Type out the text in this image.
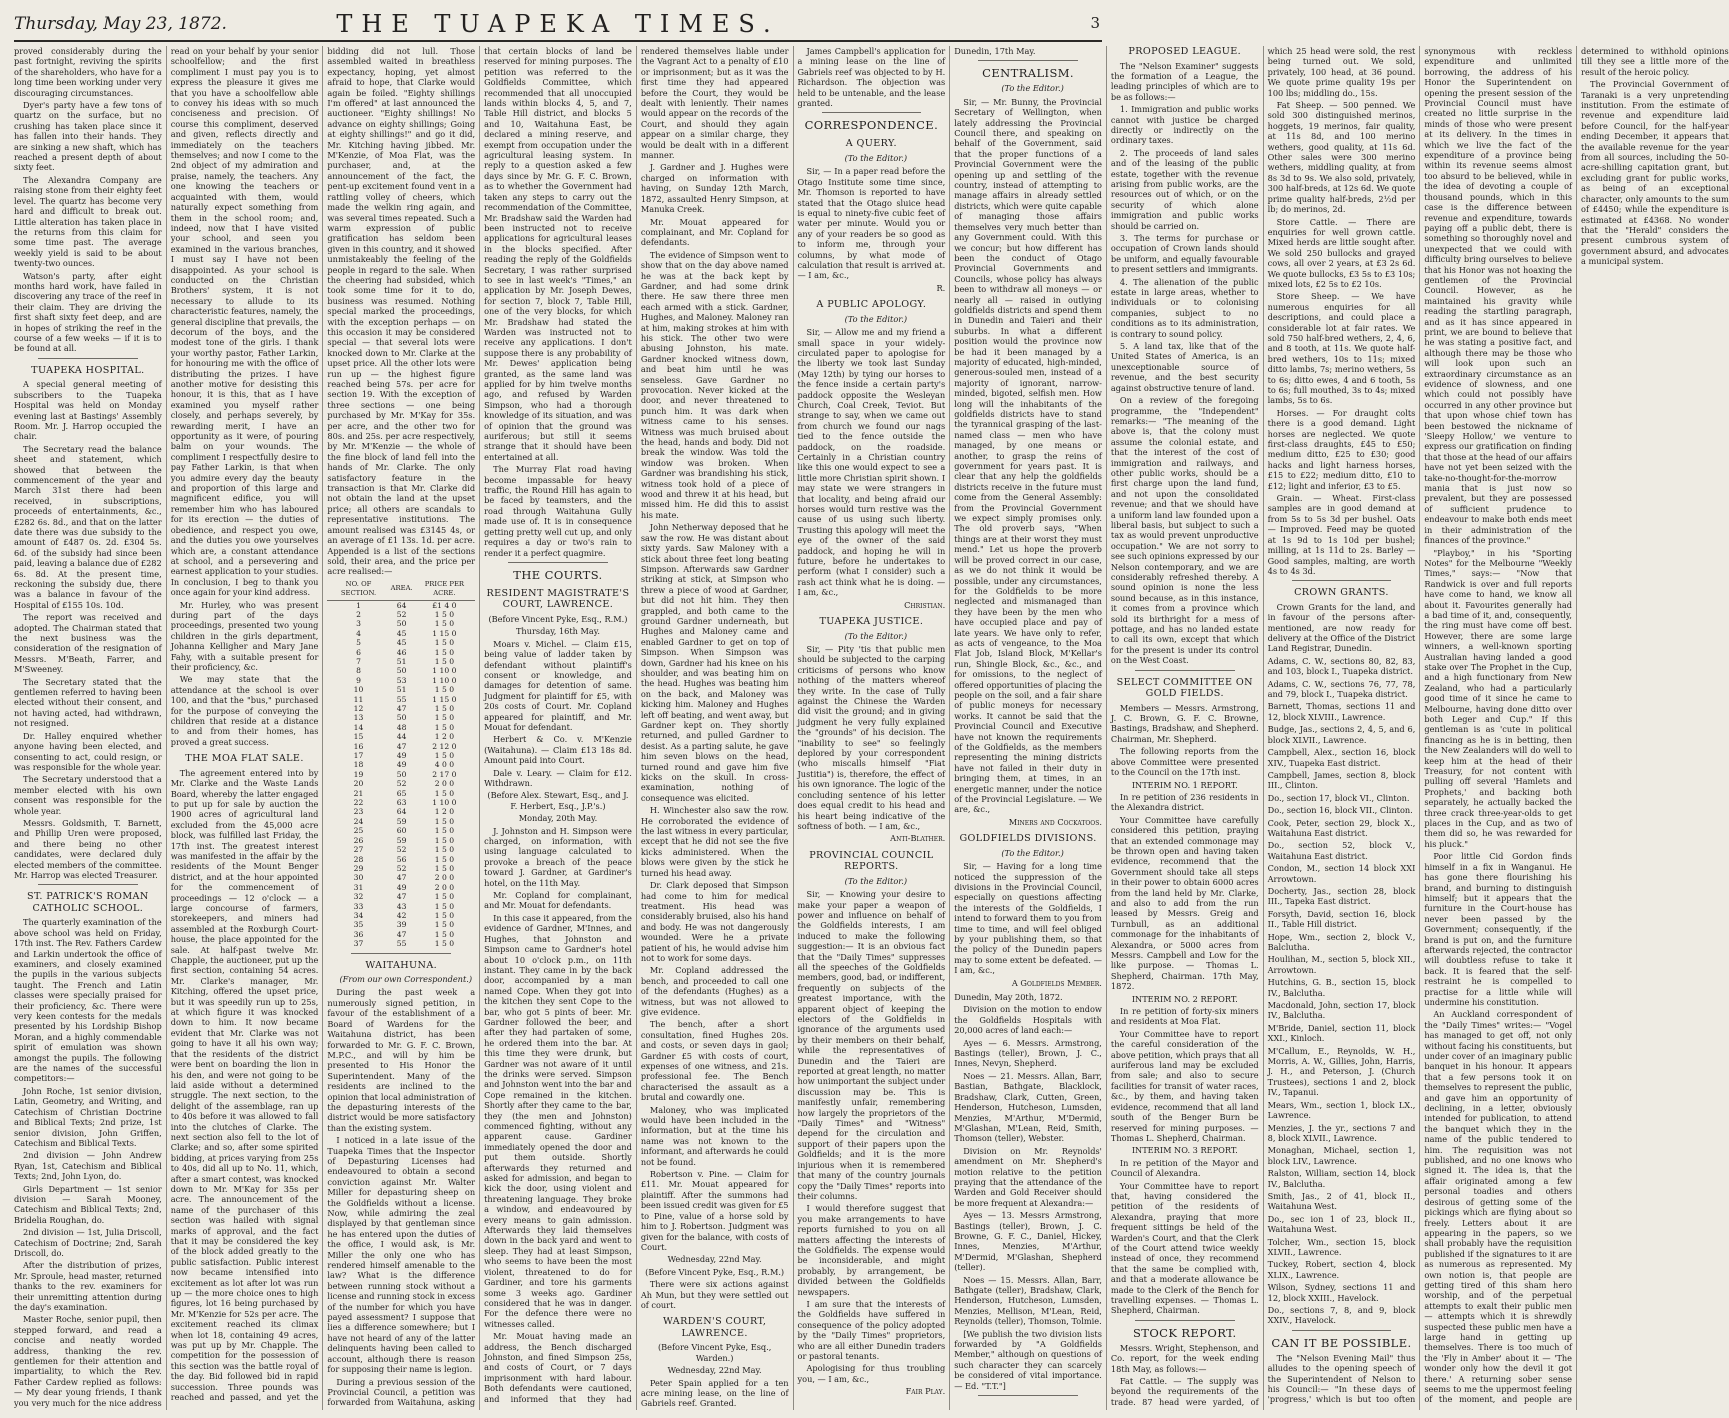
Thursday, May 23, 1872.	THE TUAPEKA TIMES.	3

proved considerably during the past fortnight, reviving the spirits of the shareholders, who have for a long time been working under very discouraging circumstances.

Dyer's party have a few tons of quartz on the surface, but no crushing has taken place since it has fallen into their hands. They are sinking a new shaft, which has reached a present depth of about sixty feet.

The Alexandra Company are raising stone from their eighty feet level. The quartz has become very hard and difficult to break out. Little alteration has taken place in the returns from this claim for some time past. The average weekly yield is said to be about twenty-two ounces.

Watson's party, after eight months hard work, have failed in discovering any trace of the reef in their claim. They are driving the first shaft sixty feet deep, and are in hopes of striking the reef in the course of a few weeks — if it is to be found at all.

TUAPEKA HOSPITAL.

A special general meeting of subscribers to the Tuapeka Hospital was held on Monday evening last at Bastings' Assembly Room. Mr. J. Harrop occupied the chair.

The Secretary read the balance sheet and statement, which showed that between the commencement of the year and March 31st there had been received, in subscriptions, proceeds of entertainments, &c., £282 6s. 8d., and that on the latter date there was due subsidy to the amount of £487 0s. 2d. £304 5s. 6d. of the subsidy had since been paid, leaving a balance due of £282 6s. 8d. At the present time, reckoning the subsidy due, there was a balance in favour of the Hospital of £155 10s. 10d.

The report was received and adopted. The Chairman stated that the next business was the consideration of the resignation of Messrs. M'Beath, Farrer, and M'Sweeney.

The Secretary stated that the gentlemen referred to having been elected without their consent, and not having acted, had withdrawn, not resigned.

Dr. Halley enquired whether anyone having been elected, and consenting to act, could resign, or was responsible for the whole year.

The Secretary understood that a member elected with his own consent was responsible for the whole year.

Messrs. Goldsmith, T. Barnett, and Phillip Uren were proposed, and there being no other candidates, were declared duly elected members of the committee. Mr. Harrop was elected Treasurer.

ST. PATRICK'S ROMAN CATHOLIC SCHOOL.

The quarterly examination of the above school was held on Friday, 17th inst. The Rev. Fathers Cardew and Larkin undertook the office of examiners, and closely examined the pupils in the various subjects taught. The French and Latin classes were specially praised for their proficiency, &c. There were very keen contests for the medals presented by his Lordship Bishop Moran, and a highly commendable spirit of emulation was shown amongst the pupils. The following are the names of the successful competitors:—

John Roche, 1st senior division, Latin, Geometry, and Writing, and Catechism of Christian Doctrine and Biblical Texts; 2nd prize, 1st senior division, John Griffen, Catechism and Biblical Texts.

2nd division — John Andrew Ryan, 1st, Catechism and Biblical Texts; 2nd, John Lyon, do.

Girls Department — 1st senior division — Sarah Mooney, Catechism and Biblical Texts; 2nd, Bridelia Roughan, do.

2nd division — 1st, Julia Driscoll, Catechism of Doctrine; 2nd, Sarah Driscoll, do.

After the distribution of prizes, Mr. Sproule, head master, returned thanks to the rev. examiners for their unremitting attention during the day's examination.

Master Roche, senior pupil, then stepped forward, and read a concise and neatly worded address, thanking the rev. gentlemen for their attention and impartiality, to which the Rev. Father Cardew replied as follows:— My dear young friends, I thank you very much for the nice address read on your behalf by your senior schoolfellow; and the first compliment I must pay you is to express the pleasure it gives me that you have a schoolfellow able to convey his ideas with so much conciseness and precision. Of course this compliment, deserved and given, reflects directly and immediately on the teachers themselves; and now I come to the 2nd object of my admiration and praise, namely, the teachers. Any one knowing the teachers or acquainted with them, would naturally expect something from them in the school room; and, indeed, now that I have visited your school, and seen you examined in the various branches, I must say I have not been disappointed. As your school is conducted on the Christian Brothers' system, it is not necessary to allude to its characteristic features, namely, the general discipline that prevails, the decorum of the boys, and the modest tone of the girls. I thank your worthy pastor, Father Larkin, for honouring me with the office of distributing the prizes. I have another motive for desisting this honour, it is this, that as I have examined you myself rather closely, and perhaps severely, by rewarding merit, I have an opportunity as it were, of pouring balm on your wounds. The compliment I respectfully desire to pay Father Larkin, is that when you admire every day the beauty and proportion of this large and magnificent edifice, you will remember him who has laboured for its erection — the duties of obedience, and respect you owe, and the duties you owe yourselves which are, a constant attendance at school, and a persevering and earnest application to your studies. In conclusion, I beg to thank you once again for your kind address.

Mr. Hurley, who was present during part of the days proceedings, presented two young children in the girls department, Johanna Kelligher and Mary Jane Fahy, with a suitable present for their proficiency, &c.

We may state that the attendance at the school is over 100, and that the "bus," purchased for the purpose of conveying the children that reside at a distance to and from their homes, has proved a great success.

THE MOA FLAT SALE.

The agreement entered into by Mr. Clarke and the Waste Lands Board, whereby the latter engaged to put up for sale by auction the 1900 acres of agricultural land excluded from the 45,000 acre block, was fulfilled last Friday, the 17th inst. The greatest interest was manifested in the affair by the residents of the Mount Benger district, and at the hour appointed for the commencement of proceedings — 12 o'clock — a large concourse of farmers, storekeepers, and miners had assembled at the Roxburgh Court-house, the place appointed for the sale. At half-past twelve Mr. Chapple, the auctioneer, put up the first section, containing 54 acres. Mr. Clarke's manager, Mr. Kitching, offered the upset price, but it was speedily run up to 25s, at which figure it was knocked down to him. It now became evident that Mr. Clarke was not going to have it all his own way; that the residents of the district were bent on boarding the lion in his den, and were not going to be laid aside without a determined struggle. The next section, to the delight of the assemblage, ran up to 40s before it was allowed to fall into the clutches of Clarke. The next section also fell to the lot of Clarke; and so, after some spirited bidding, at prices varying from 25s to 40s, did all up to No. 11, which, after a smart contest, was knocked down to Mr. M'Kay for 35s per acre. The announcement of the name of the purchaser of this section was hailed with signal marks of approval, and the fact that it may be considered the key of the block added greatly to the public satisfaction. Public interest now became intensified into excitement as lot after lot was run up — the more choice ones to high figures, lot 16 being purchased by Mr. M'Kenzie for 52s per acre. The excitement reached its climax when lot 18, containing 49 acres, was put up by Mr. Chapple. The competition for the possession of this section was the battle royal of the day. Bid followed bid in rapid succession. Three pounds was reached and passed, and yet the bidding did not lull. Those assembled waited in breathless expectancy, hoping, yet almost afraid to hope, that Clarke would again be foiled. "Eighty shillings I'm offered" at last announced the auctioneer. "Eighty shillings! No advance on eighty shillings; Going at eighty shillings!" and go it did, Mr. Kitching having jibbed. Mr. M'Kenzie, of Moa Flat, was the purchaser, and, at the announcement of the fact, the pent-up excitement found vent in a rattling volley of cheers, which made the welkin ring again, and was several times repeated. Such a warm expression of public gratification has seldom been given in this country, and it showed unmistakeably the feeling of the people in regard to the sale. When the cheering had subsided, which took some time for it to do, business was resumed. Nothing special marked the proceedings, with the exception perhaps — on this occasion it may be considered special — that several lots were knocked down to Mr. Clarke at the upset price. All the other lots were run up — the highest figure reached being 57s. per acre for section 19. With the exception of three sections — one being purchased by Mr. M'Kay for 35s. per acre, and the other two for 80s. and 25s. per acre respectively, by Mr. M'Kenzie — the whole of the fine block of land fell into the hands of Mr. Clarke. The only satisfactory feature in the transaction is that Mr. Clarke did not obtain the land at the upset price; all others are scandals to representative institutions. The amount realised was £3145 4s, or an average of £1 13s. 1d. per acre. Appended is a list of the sections sold, their area, and the price per acre realised:—

NO. OF SECTION.	AREA.	PRICE PER ACRE.
1	64	£1 4 0
2	52	1 5 0
3	50	1 5 0
4	45	1 15 0
5	45	1 5 0
6	46	1 5 0
7	51	1 5 0
8	50	1 10 0
9	53	1 10 0
10	51	1 5 0
11	55	1 15 0
12	47	1 5 0
13	50	1 5 0
14	48	1 5 0
15	44	1 2 0
16	47	2 12 0
17	49	1 5 0
18	49	4 0 0
19	50	2 17 0
20	52	2 0 0
21	65	1 5 0
22	63	1 10 0
23	64	1 2 0
24	59	1 5 0
25	60	1 5 0
26	59	1 5 0
27	52	1 5 0
28	56	1 5 0
29	52	1 5 0
30	47	2 0 0
31	49	2 0 0
32	47	1 5 0
33	43	1 5 0
34	42	1 5 0
35	39	1 5 0
36	47	1 5 0
37	55	1 5 0
WAITAHUNA.

(From our own Correspondent.)

During the past week a numerously signed petition, in favour of the establishment of a Board of Wardens for the Waitahuna district, has been forwarded to Mr. G. F. C. Brown, M.P.C., and will by him be presented to His Honor the Superintendent. Many of the residents are inclined to the opinion that local administration of the depasturing interests of the district would be more satisfactory than the existing system.

I noticed in a late issue of the Tuapeka Times that the Inspector of Depasturing Licenses had endeavoured to obtain a second conviction against Mr. Walter Miller for depasturing sheep on the Goldfields without a license. Now, while admiring the zeal displayed by that gentleman since he has entered upon the duties of the office, I would ask, is Mr. Miller the only one who has rendered himself amenable to the law? What is the difference between running stock without a license and running stock in excess of the number for which you have payed assessment? I suppose that lies a difference somewhere; but I have not heard of any of the latter delinquents having been called to account, although there is reason for supposing their name is legion.

During a previous session of the Provincial Council, a petition was forwarded from Waitahuna, asking that certain blocks of land be reserved for mining purposes. The petition was referred to the Goldfields Committee, which recommended that all unoccupied lands within blocks 4, 5, and 7, Table Hill district, and blocks 5 and 10, Waitahuna East, be declared a mining reserve, and exempt from occupation under the agricultural leasing system. In reply to a question asked a few days since by Mr. G. F. C. Brown, as to whether the Government had taken any steps to carry out the recommendation of the Committee, Mr. Bradshaw said the Warden had been instructed not to receive applications for agricultural leases in the blocks specified. After reading the reply of the Goldfields Secretary, I was rather surprised to see in last week's "Times," an application by Mr. Joseph Dewes, for section 7, block 7, Table Hill, one of the very blocks, for which Mr. Bradshaw had stated the Warden was instructed not to receive any applications. I don't suppose there is any probability of Mr. Dewes' application being granted, as the same land was applied for by him twelve months ago, and refused by Warden Simpson, who had a thorough knowledge of its situation, and was of opinion that the ground was auriferous; but still it seems strange that it should have been entertained at all.

The Murray Flat road having become impassable for heavy traffic, the Round Hill has again to be faced by teamsters, and the road through Waitahuna Gully made use of. It is in consequence getting pretty well cut up, and only requires a day or two's rain to render it a perfect quagmire.

THE COURTS.
RESIDENT MAGISTRATE'S COURT, LAWRENCE.

(Before Vincent Pyke, Esq., R.M.)

Thursday, 16th May.

Moars v. Michel. — Claim £15, being value of ladder taken by defendant without plaintiff's consent or knowledge, and damages for detention of same. Judgment for plaintiff for £5, with 20s costs of Court. Mr. Copland appeared for plaintiff, and Mr. Mouat for defendant.

Herbert & Co. v. M'Kenzie (Waitahuna). — Claim £13 18s 8d. Amount paid into Court.

Dale v. Leary. — Claim for £12. Withdrawn.

(Before Alex. Stewart, Esq., and J. F. Herbert, Esq., J.P.'s.)

Monday, 20th May.

J. Johnston and H. Simpson were charged, on information, with using language calculated to provoke a breach of the peace toward J. Gardner, at Gardiner's hotel, on the 11th May.

Mr. Copland for complainant, and Mr. Mouat for defendants.

In this case it appeared, from the evidence of Gardner, M'Innes, and Hughes, that Johnston and Simpson came to Gardner's hotel about 10 o'clock p.m., on 11th instant. They came in by the back door, accompanied by a man named Cope. When they got into the kitchen they sent Cope to the bar, who got 5 pints of beer. Mr. Gardner followed the beer, and after they had partaken of some, he ordered them into the bar. At this time they were drunk, but Gardner was not aware of it until the drinks were served. Simpson and Johnston went into the bar and Cope remained in the kitchen. Shortly after they came to the bar, they (the men and Johnston) commenced fighting, without any apparent cause. Gardiner immediately opened the door and put them outside. Shortly afterwards they returned and asked for admission, and began to kick the door, using violent and threatening language. They broke a window, and endeavoured by every means to gain admission. Afterwards they laid themselves down in the back yard and went to sleep. They had at least Simpson, who seems to have been the most violent, threatened to do for Gardiner, and tore his garments some 3 weeks ago. Gardiner considered that he was in danger. For the defence there were no witnesses called.

Mr. Mouat having made an address, the Bench discharged Johnston, and fined Simpson 25s, and costs of Court, or 7 days imprisonment with hard labour. Both defendants were cautioned, and informed that they had rendered themselves liable under the Vagrant Act to a penalty of £10 or imprisonment; but as it was the first time they had appeared before the Court, they would be dealt with leniently. Their names would appear on the records of the Court, and should they again appear on a similar charge, they would be dealt with in a different manner.

J. Gardner and J. Hughes were charged on information with having, on Sunday 12th March, 1872, assaulted Henry Simpson, at Manuka Creek.

Mr. Mouat appeared for complainant, and Mr. Copland for defendants.

The evidence of Simpson went to show that on the day above named he was at the back kept by Gardner, and had some drink there. He saw there three men each armed with a stick. Gardner, Hughes, and Maloney. Maloney ran at him, making strokes at him with his stick. The other two were abusing Johnston, his mate. Gardner knocked witness down, and beat him until he was senseless. Gave Gardner no provocation. Never kicked at the door, and never threatened to punch him. It was dark when witness came to his senses. Witness was much bruised about the head, hands and body. Did not break the window. Was told the window was broken. When Gardner was brandishing his stick, witness took hold of a piece of wood and threw it at his head, but missed him. He did this to assist his mate.

John Netherway deposed that he saw the row. He was distant about sixty yards. Saw Maloney with a stick about three feet long beating Simpson. Afterwards saw Gardner striking at stick, at Simpson who threw a piece of wood at Gardner, but did not hit him. They then grappled, and both came to the ground Gardner underneath, but Hughes and Maloney came and enabled Gardner to get on top of Simpson. When Simpson was down, Gardner had his knee on his shoulder, and was beating him on the head. Hughes was beating him on the back, and Maloney was kicking him. Maloney and Hughes left off beating, and went away, but Gardner kept on. They shortly returned, and pulled Gardner to desist. As a parting salute, he gave him seven blows on the head, turned round and gave him five kicks on the skull. In cross-examination, nothing of consequence was elicited.

H. Winchester also saw the row. He corroborated the evidence of the last witness in every particular, except that he did not see the five kicks administered. When the blows were given by the stick he turned his head away.

Dr. Clark deposed that Simpson had come to him for medical treatment. His head was considerably bruised, also his hand and body. He was not dangerously wounded. Were he a private patient of his, he would advise him not to work for some days.

Mr. Copland addressed the bench, and proceeded to call one of the defendants (Hughes) as a witness, but was not allowed to give evidence.

The bench, after a short consultation, fined Hughes 20s. and costs, or seven days in gaol; Gardner £5 with costs of court, expenses of one witness, and 21s. professional fee. The Bench characterised the assault as a brutal and cowardly one.

Maloney, who was implicated would have been included in the information, but at the time his name was not known to the informant, and afterwards he could not be found.

Robertson v. Pine. — Claim for £11. Mr. Mouat appeared for plaintiff. After the summons had been issued credit was given for £5 to Pine, value of a horse sold by him to J. Robertson. Judgment was given for the balance, with costs of Court.

Wednesday, 22nd May.

(Before Vincent Pyke, Esq., R.M.)

There were six actions against Ah Mun, but they were settled out of court.

WARDEN'S COURT, LAWRENCE.

(Before Vincent Pyke, Esq., Warden.)

Wednesday, 22nd May.

Peter Spain applied for a ten acre mining lease, on the line of Gabriels reef. Granted.

James Campbell's application for a mining lease on the line of Gabriels reef was objected to by H. Richardson. The objection was held to be untenable, and the lease granted.

CORRESPONDENCE.
A QUERY.

(To the Editor.)

Sir, — In a paper read before the Otago Institute some time since, Mr. Thomson is reported to have stated that the Otago sluice head is equal to ninety-five cubic feet of water per minute. Would you or any of your readers be so good as to inform me, through your columns, by what mode of calculation that result is arrived at. — I am, &c.,

R.

A PUBLIC APOLOGY.

(To the Editor.)

Sir, — Allow me and my friend a small space in your widely-circulated paper to apologise for the liberty we took last Sunday (May 12th) by tying our horses to the fence inside a certain party's paddock opposite the Wesleyan Church, Coal Creek, Teviot. But strange to say, when we came out from church we found our nags tied to the fence outside the paddock, on the roadside. Certainly in a Christian country like this one would expect to see a little more Christian spirit shown. I may state we were strangers in that locality, and being afraid our horses would turn restive was the cause of us using such liberty. Trusting this apology will meet the eye of the owner of the said paddock, and hoping he will in future, before he undertakes to perform (what I consider) such a rash act think what he is doing. — I am, &c.,

Christian.

TUAPEKA JUSTICE.

(To the Editor.)

Sir, — Pity 'tis that public men should be subjected to the carping criticisms of persons who know nothing of the matters whereof they write. In the case of Tully against the Chinese the Warden did visit the ground; and in giving judgment he very fully explained the "grounds" of his decision. The "inability to see" so feelingly deplored by your correspondent (who miscalls himself "Fiat Justitia") is, therefore, the effect of his own ignorance. The logic of the concluding sentence of his letter does equal credit to his head and his heart being indicative of the softness of both. — I am, &c.,

Anti-Blather.

PROVINCIAL COUNCIL REPORTS.

(To the Editor.)

Sir, — Knowing your desire to make your paper a weapon of power and influence on behalf of the Goldfields interests, I am induced to make the following suggestion:— It is an obvious fact that the "Daily Times" suppresses all the speeches of the Goldfields members, good, bad, or indifferent, frequently on subjects of the greatest importance, with the apparent object of keeping the electors of the Goldfields in ignorance of the arguments used by their members on their behalf, while the representatives of Dunedin and the Taieri are reported at great length, no matter how unimportant the subject under discussion may be. This is manifestly unfair, remembering how largely the proprietors of the "Daily Times" and "Witness" depend for the circulation and support of their papers upon the Goldfields; and it is the more injurious when it is remembered that many of the country journals copy the "Daily Times" reports into their columns.

I would therefore suggest that you make arrangements to have reports furnished to you on all matters affecting the interests of the Goldfields. The expense would be inconsiderable, and might probably, by arrangement, be divided between the Goldfields newspapers.

I am sure that the interests of the Goldfields have suffered in consequence of the policy adopted by the "Daily Times" proprietors, who are all either Dunedin traders or pastoral tenants.

Apologising for thus troubling you, — I am, &c.,

Fair Play.

Dunedin, 17th May.

CENTRALISM.

(To the Editor.)

Sir, — Mr. Bunny, the Provincial Secretary of Wellington, when lately addressing the Provincial Council there, and speaking on behalf of the Government, said that the proper functions of a Provincial Government were the opening up and settling of the country, instead of attempting to manage affairs in already settled districts, which were quite capable of managing those affairs themselves very much better than any Government could. With this we concur; but how different has been the conduct of Otago Provincial Governments and Councils, whose policy has always been to withdraw all moneys — or nearly all — raised in outlying goldfields districts and spend them in Dunedin and Taieri and their suburbs. In what a different position would the province now be had it been managed by a majority of educated, high-minded, generous-souled men, instead of a majority of ignorant, narrow-minded, bigoted, selfish men. How long will the inhabitants of the goldfields districts have to stand the tyrannical grasping of the last-named class — men who have managed, by one means or another, to grasp the reins of government for years past. It is clear that any help the goldfields districts receive in the future must come from the General Assembly: from the Provincial Government we expect simply promises only. The old proverb says, "When things are at their worst they must mend." Let us hope the proverb will be proved correct in our case, as we do not think it would be possible, under any circumstances, for the Goldfields to be more neglected and mismanaged than they have been by the men who have occupied place and pay of late years. We have only to refer, as acts of vengeance, to the Moa Flat Job, Island Block, M'Kellar's run, Shingle Block, &c., &c., and for omissions, to the neglect of offered opportunities of placing the people on the soil, and a fair share of public moneys for necessary works. It cannot be said that the Provincial Council and Executive have not known the requirements of the Goldfields, as the members representing the mining districts have not failed in their duty in bringing them, at times, in an energetic manner, under the notice of the Provincial Legislature. — We are, &c.,

Miners and Cockatoos.

GOLDFIELDS DIVISIONS.

(To the Editor.)

Sir, — Having for a long time noticed the suppression of the divisions in the Provincial Council, especially on questions affecting the interests of the Goldfields, I intend to forward them to you from time to time, and will feel obliged by your publishing them, so that the policy of the Dunedin papers may to some extent be defeated. — I am, &c.,

A Goldfields Member.

Dunedin, May 20th, 1872.

Division on the motion to endow the Goldfields Hospitals with 20,000 acres of land each:—

Ayes — 6. Messrs. Armstrong, Bastings (teller), Brown, J. C., Innes, Nevyn, Shepherd.

Noes — 21. Messrs. Allan, Barr, Bastian, Bathgate, Blacklock, Bradshaw, Clark, Cutten, Green, Henderson, Hutcheson, Lumsden, Menzies, M'Arthur, M'Dermid, M'Glashan, M'Lean, Reid, Smith, Thomson (teller), Webster.

Division on Mr. Reynolds' amendment on Mr. Shepherd's motion relative to the petition praying that the attendance of the Warden and Gold Receiver should be more frequent at Alexandra:—

Ayes — 13. Messrs Armstrong, Bastings (teller), Brown, J. C. Browne, G. F. C., Daniel, Hickey, Innes, Menzies, M'Arthur, M'Dermid, M'Glashan, Shepherd (teller).

Noes — 15. Messrs. Allan, Barr, Bathgate (teller), Bradshaw, Clark, Henderson, Hutcheson, Lumsden, Menzies, Mellison, M'Lean, Reid, Reynolds (teller), Thomson, Tolmie.

[We publish the two division lists forwarded by "A Goldfields Member," although on questions of such character they can scarcely be considered of vital importance. — Ed. "T.T."]

PROPOSED LEAGUE.

The "Nelson Examiner" suggests the formation of a League, the leading principles of which are to be as follows:—

1. Immigration and public works cannot with justice be charged directly or indirectly on the ordinary taxes.

2. The proceeds of land sales and of the leasing of the public estate, together with the revenue arising from public works, are the resources out of which, or on the security of which alone immigration and public works should be carried on.

3. The terms for purchase or occupation of Crown lands should be uniform, and equally favourable to present settlers and immigrants.

4. The alienation of the public estate in large areas, whether to individuals or to colonising companies, subject to no conditions as to its administration, is contrary to sound policy.

5. A land tax, like that of the United States of America, is an unexceptionable source of revenue, and the best security against obstructive tenure of land.

On a review of the foregoing programme, the "Independent" remarks:— "The meaning of the above is, that the colony must assume the colonial estate, and that the interest of the cost of immigration and railways, and other public works, should be a first charge upon the land fund, and not upon the consolidated revenue; and that we should have a uniform land law founded upon a liberal basis, but subject to such a tax as would prevent unproductive occupation." We are not sorry to see such opinions expressed by our Nelson contemporary, and we are considerably refreshed thereby. A sound opinion is none the less sound because, as in this instance, it comes from a province which sold its birthright for a mess of pottage, and has no landed estate to call its own, except that which for the present is under its control on the West Coast.

SELECT COMMITTEE ON GOLD FIELDS.

Members — Messrs. Armstrong, J. C. Brown, G. F. C. Browne, Bastings, Bradshaw, and Shepherd. Chairman, Mr. Shepherd.

The following reports from the above Committee were presented to the Council on the 17th inst.

INTERIM NO. 1 REPORT.

In re petition of 236 residents in the Alexandra district.

Your Committee have carefully considered this petition, praying that an extended commonage may be thrown open and having taken evidence, recommend that the Government should take all steps in their power to obtain 6000 acres from the land held by Mr. Clarke, and also to add from the run leased by Messrs. Greig and Turnbull, as an additional commonage for the inhabitants of Alexandra, or 5000 acres from Messrs. Campbell and Low for the like purpose. — Thomas L. Shepherd, Chairman. 17th May, 1872.

INTERIM NO. 2 REPORT.

In re petition of forty-six miners and residents at Moa Flat.

Your Committee have to report the careful consideration of the above petition, which prays that all auriferous land may be excluded from sale; and also to secure facilities for transit of water races, &c., by them, and having taken evidence, recommend that all land south of the Benger Burn be reserved for mining purposes. — Thomas L. Shepherd, Chairman.

INTERIM NO. 3 REPORT.

In re petition of the Mayor and Council of Alexandra.

Your Committee have to report that, having considered the petition of the residents of Alexandra, praying that more frequent sittings be held of the Warden's Court, and that the Clerk of the Court attend twice weekly instead of once, they recommend that the same be complied with, and that a moderate allowance be made to the Clerk of the Bench for travelling expenses. — Thomas L. Shepherd, Chairman.

STOCK REPORT.

Messrs. Wright, Stephenson, and Co. report, for the week ending 18th May, as follows:—

Fat Cattle. — The supply was beyond the requirements of the trade. 87 head were yarded, of which 25 head were sold, the rest being turned out. We sold, privately, 100 head, at 36 pound. We quote prime quality 19s per 100 lbs; middling do., 15s.

Fat Sheep. — 500 penned. We sold 300 distinguished merinos, hoggets, 19 merinos, fair quality, at 11s 8d, and 100 merino wethers, good quality, at 11s 6d. Other sales were 300 merino wethers, middling quality, at from 8s 3d to 9s. We also sold, privately, 300 half-breds, at 12s 6d. We quote prime quality half-breds, 2½d per lb; do merinos, 2d.

Store Cattle. — There are enquiries for well grown cattle. Mixed herds are little sought after. We sold 250 bullocks and grayed cows, all over 2 years, at £3 2s 6d. We quote bullocks, £3 5s to £3 10s; mixed lots, £2 5s to £2 10s.

Store Sheep. — We have numerous enquiries for all descriptions, and could place a considerable lot at fair rates. We sold 750 half-bred wethers, 2, 4, 6, and 8 tooth, at 11s. We quote half-bred wethers, 10s to 11s; mixed ditto lambs, 7s; merino wethers, 5s to 6s; ditto ewes, 4 and 6 tooth, 5s to 6s; full mouthed, 3s to 4s; mixed lambs, 5s to 6s.

Horses. — For draught colts there is a good demand. Light horses are neglected. We quote first-class draughts, £45 to £50; medium ditto, £25 to £30; good hacks and light harness horses, £15 to £22; medium ditto, £10 to £12; light and inferior, £3 to £5.

Grain. — Wheat. First-class samples are in good demand at from 5s to 5s 3d per bushel. Oats — Improved. Feed may be quoted at 1s 9d to 1s 10d per bushel; milling, at 1s 11d to 2s. Barley — Good samples, malting, are worth 4s to 4s 3d.

CROWN GRANTS.

Crown Grants for the land, and in favour of the persons after-mentioned, are now ready for delivery at the Office of the District Land Registrar, Dunedin.

Adams, C. W., sections 80, 82, 83, and 103, block I., Tuapeka district.

Adams, C. W., sections 76, 77, 78, and 79, block I., Tuapeka district.

Barnett, Thomas, sections 11 and 12, block XLVIII., Lawrence.

Budge, Jas., sections 2, 4, 5, and 6, block XLVII., Lawrence.

Campbell, Alex., section 16, block XIV., Tuapeka East district.

Campbell, James, section 8, block III., Clinton.

Do., section 17, block VI., Clinton.

Do., section 16, block VII., Clinton.

Cook, Peter, section 29, block X., Waitahuna East district.

Do., section 52, block V., Waitahuna East district.

Condon, M., section 14 block XXI Arrowtown.

Docherty, Jas., section 28, block III., Tapeka East district.

Forsyth, David, section 16, block II., Table Hill district.

Hope, Wm., section 2, block V., Balclutha.

Houlihan, M., section 5, block XII., Arrowtown.

Hutchins, G. B., section 15, block IV., Balclutha.

Macdonald, John, section 17, block IV., Balclutha.

M'Bride, Daniel, section 11, block XXI., Kinloch.

M'Callum, E., Reynolds, W. H., Morris, A. W., Gillies, John, Harris, J. H., and Peterson, J. (Church Trustees), sections 1 and 2, block IV., Tapanui.

Mears, Wm., section 1, block LX., Lawrence.

Menzies, J. the yr., sections 7 and 8, block XLVII., Lawrence.

Monaghan, Michael, section 1, block LIV., Lawrence.

Ralston, William, section 14, block IV., Balclutha.

Smith, Jas., 2 of 41, block II., Waitahuna West.

Do., sec ion 1 of 23, block II., Waitahuna West.

Tolcher, Wm., section 15, block XLVII., Lawrence.

Tuckey, Robert, section 4, block XLIX., Lawrence.

Wilson, Sydney, sections 11 and 12, block XXIII., Havelock.

Do., sections 7, 8, and 9, block XXIV., Havelock.

CAN IT BE POSSIBLE.

The "Nelson Evening Mail" thus alludes to the opening speech of the Superintendent of Nelson to his Council:— "In these days of 'progress,' which is but too often synonymous with reckless expenditure and unlimited borrowing, the address of his Honor the Superintendent on opening the present session of the Provincial Council must have created no little surprise in the minds of those who were present at its delivery. In the times in which we live the fact of the expenditure of a province being within its revenue seems almost too absurd to be believed, while in the idea of devoting a couple of thousand pounds, which in this case is the difference between revenue and expenditure, towards paying off a public debt, there is something so thoroughly novel and unexpected that we could with difficulty bring ourselves to believe that his Honor was not hoaxing the gentlemen of the Provincial Council. However, as he maintained his gravity while reading the startling paragraph, and as it has since appeared in print, we are bound to believe that he was stating a positive fact, and although there may be those who will look upon such an extraordinary circumstance as an evidence of slowness, and one which could not possibly have occurred in any other province but that upon whose chief town has been bestowed the nickname of 'Sleepy Hollow,' we venture to express our gratification on finding that those at the head of our affairs have not yet been seized with the take-no-thought-for-the-morrow mania that is just now so prevalent, but they are possessed of sufficient prudence to endeavour to make both ends meet in their administration of the finances of the province."

"Playboy," in his "Sporting Notes" for the Melbourne "Weekly Times," says:— "Now that Randwick is over and full reports have come to hand, we know all about it. Favourites generally had a bad time of it, and, consequently, the ring must have come off best. However, there are some large winners, a well-known sporting Australian having landed a good stake over The Prophet in the Cup, and a high functionary from New Zealand, who had a particularly good time of it since he came to Melbourne, having done ditto over both Leger and Cup." If this gentleman is as 'cute in political financing as he is in betting, then the New Zealanders will do well to keep him at the head of their Treasury, for not content with pulling off several 'Hamlets and Prophets,' and backing both separately, he actually backed the three crack three-year-olds to get places in the Cup, and as two of them did so, he was rewarded for his pluck."

Poor little Cid Gordon finds himself in a fix in Wanganui. He has gone there flourishing his brand, and burning to distinguish himself; but it appears that the furniture in the Court-house has never been passed by the Government; consequently, if the brand is put on, and the furniture afterwards rejected, the contractor will doubtless refuse to take it back. It is feared that the self-restraint he is compelled to practise for a little while will undermine his constitution.

An Auckland correspondent of the "Daily Times" writes:— "Vogel has managed to get off, not only without facing his constituents, but under cover of an imaginary public banquet in his honour. It appears that a few persons took it on themselves to represent the public, and gave him an opportunity of declining, in a letter, obviously intended for publication, to attend the banquet which they in the name of the public tendered to him. The requisition was not published, and no one knows who signed it. The idea is, that the affair originated among a few personal toadies and others desirous of getting some of the pickings which are flying about so freely. Letters about it are appearing in the papers, so we shall probably have the requisition published if the signatures to it are as numerous as represented. My own notion is, that people are getting tired of this sham hero worship, and of the perpetual attempts to exalt their public men — attempts which it is shrewdly suspected these public men have a large hand in getting up themselves. There is too much of the 'Fly in Amber' about it — 'The wonder only how the devil it got there.' A returning sober sense seems to me the uppermost feeling of the moment, and people are determined to withhold opinions till they see a little more of the result of the heroic policy.

The Provincial Government of Taranaki is a very unpretending institution. From the estimate of revenue and expenditure laid before Council, for the half-year ending December, it appears that the available revenue for the year from all sources, including the 50-acre-shilling capitation grant, but excluding grant for public works, as being of an exceptional character, only amounts to the sum of £4450; while the expenditure is estimated at £4368. No wonder that the "Herald" considers the present cumbrous system of government absurd, and advocates a municipal system.
